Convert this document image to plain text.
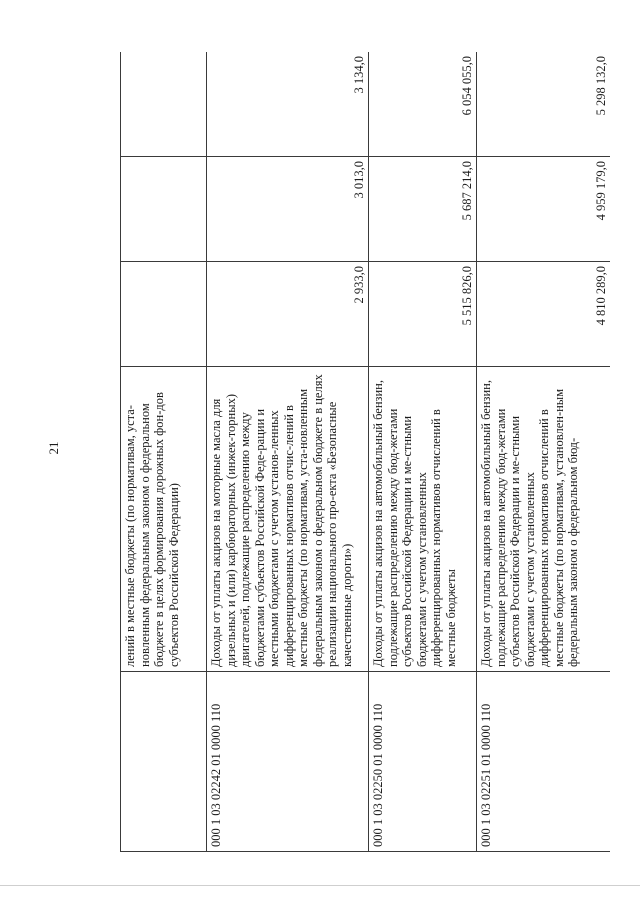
21
		лений в местные бюджеты (по нормативам, уста-новленным федеральным законом о федеральном бюджете в целях формирования дорожных фон-дов субъектов Российской Федерации)			
000 1 03 02242 01 0000 110	Доходы от уплаты акцизов на моторные масла для дизельных и (или) карбюраторных (инжек-торных) двигателей, подлежащие распределению между бюджетами субъектов Российской Феде-рации и местными бюджетами с учетом установ-ленных дифференцированных нормативов отчис-лений в местные бюджеты (по нормативам, уста-новленным федеральным законом о федеральном бюджете в целях реализации национального про-екта «Безопасные качественные дороги»)	2 933,0	3 013,0	3 134,0
000 1 03 02250 01 0000 110	Доходы от уплаты акцизов на автомобильный бензин, подлежащие распределению между бюд-жетами субъектов Российской Федерации и ме-стными бюджетами с учетом установленных дифференцированных нормативов отчислений в местные бюджеты	5 515 826,0	5 687 214,0	6 054 055,0
000 1 03 02251 01 0000 110	Доходы от уплаты акцизов на автомобильный бензин, подлежащие распределению между бюд-жетами субъектов Российской Федерации и ме-стными бюджетами с учетом установленных дифференцированных нормативов отчислений в местные бюджеты (по нормативам, установлен-ным федеральным законом о федеральном бюд-	4 810 289,0	4 959 179,0	5 298 132,0
